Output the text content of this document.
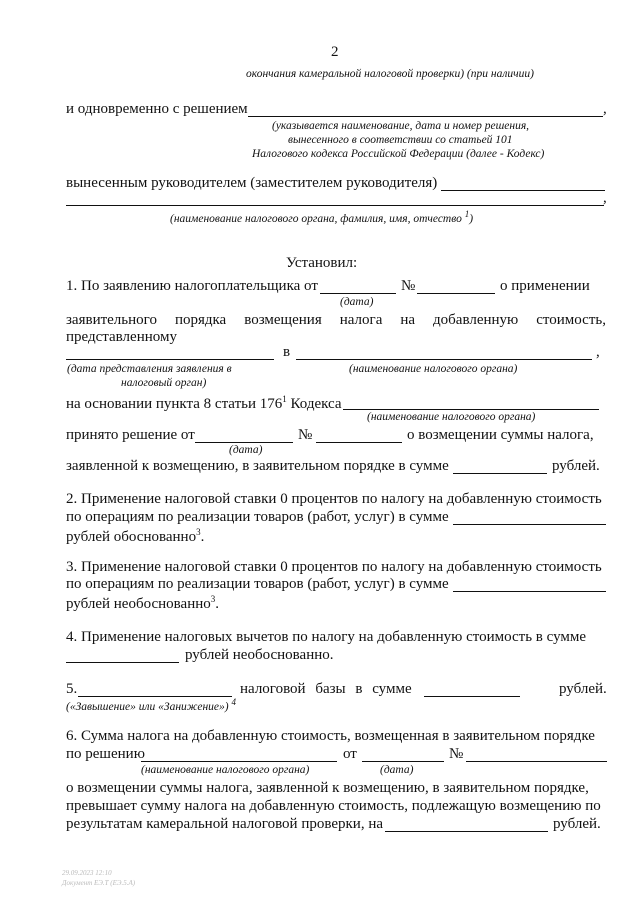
2
окончания камеральной налоговой проверки) (при наличии)
и одновременно с решением	,
(указывается наименование, дата и номер решения,
вынесенного в соответствии со статьей 101
Налогового кодекса Российской Федерации (далее - Кодекс)
вынесенным руководителем (заместителем руководителя)
,
(наименование налогового органа, фамилия, имя, отчество $^1$)
Установил:
1. По заявлению налогоплательщика от	№	о применении
(дата)
заявительного порядка возмещения налога на добавленную стоимость,
представленному
в	,
(дата представления заявления в
налоговый орган)
(наименование налогового органа)
на основании пункта 8 статьи $176^1$ Кодекса
(наименование налогового органа)
принято решение от	№	о возмещении суммы налога,
(дата)
заявленной к возмещению, в заявительном порядке в сумме	рублей.
2. Применение налоговой ставки 0 процентов по налогу на добавленную стоимость
по операциям по реализации товаров (работ, услуг) в сумме
рублей обоснованно$^3$.
3. Применение налоговой ставки 0 процентов по налогу на добавленную стоимость
по операциям по реализации товаров (работ, услуг) в сумме
рублей необоснованно$^3$.
4. Применение налоговых вычетов по налогу на добавленную стоимость в сумме
рублей необоснованно.
5.	налоговой базы в сумме	рублей.
(«Завышение» или «Занижение») $^4$
6. Сумма налога на добавленную стоимость, возмещенная в заявительном порядке
по решению	от	№
(наименование налогового органа)	(дата)
о возмещении суммы налога, заявленной к возмещению, в заявительном порядке,
превышает сумму налога на добавленную стоимость, подлежащую возмещению по
результатам камеральной налоговой проверки, на	рублей.
29.09.2023 12:10
Документ ЕЭ.Т (ЕЭ.5.А)
